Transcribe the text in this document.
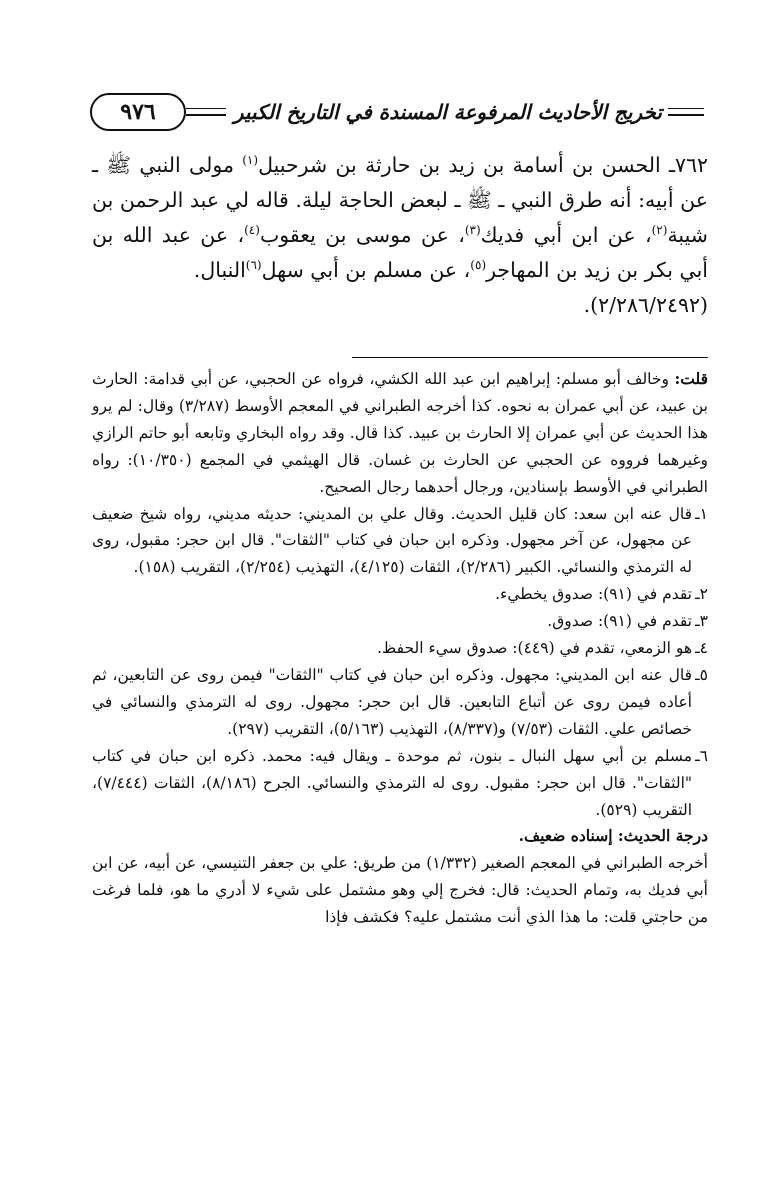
تخريج الأحاديث المرفوعة المسندة في التاريخ الكبير
٩٧٦

٧٦٢ـ الحسن بن أسامة بن زيد بن حارثة بن شرحبيل$^{(١)}$ مولى النبي ﷺ ـ عن أبيه: أنه طرق النبي ـ ﷺ ـ لبعض الحاجة ليلة. قاله لي عبد الرحمن بن شيبة$^{(٢)}$، عن ابن أبي فديك$^{(٣)}$، عن موسى بن يعقوب$^{(٤)}$، عن عبد الله بن أبي بكر بن زيد بن المهاجر$^{(٥)}$، عن مسلم بن أبي سهل$^{(٦)}$النبال.

(٢/٢٨٦/٢٤٩٢).

قلت: وخالف أبو مسلم: إبراهيم ابن عبد الله الكشي، فرواه عن الحجبي، عن أبي قدامة: الحارث بن عبيد، عن أبي عمران به نحوه. كذا أخرجه الطبراني في المعجم الأوسط (٣/٢٨٧) وقال: لم يرو هذا الحديث عن أبي عمران إلا الحارث بن عبيد. كذا قال. وقد رواه البخاري وتابعه أبو حاتم الرازي وغيرهما فرووه عن الحجبي عن الحارث بن غسان. قال الهيثمي في المجمع (١٠/٣٥٠): رواه الطبراني في الأوسط بإسنادين، ورجال أحدهما رجال الصحيح.

١ـ
قال عنه ابن سعد: كان قليل الحديث. وقال علي بن المديني: حديثه مديني، رواه شيخ ضعيف عن مجهول، عن آخر مجهول. وذكره ابن حبان في كتاب "الثقات". قال ابن حجر: مقبول، روى له الترمذي والنسائي. الكبير (٢/٢٨٦)، الثقات (٤/١٢٥)، التهذيب (٢/٢٥٤)، التقريب (١٥٨).
٢ـ
تقدم في (٩١): صدوق يخطيء.
٣ـ
تقدم في (٩١): صدوق.
٤ـ
هو الزمعي، تقدم في (٤٤٩): صدوق سيء الحفظ.
٥ـ
قال عنه ابن المديني: مجهول. وذكره ابن حبان في كتاب "الثقات" فيمن روى عن التابعين، ثم أعاده فيمن روى عن أتباع التابعين. قال ابن حجر: مجهول. روى له الترمذي والنسائي في خصائص علي. الثقات (٧/٥٣) و(٨/٣٣٧)، التهذيب (٥/١٦٣)، التقريب (٢٩٧).
٦ـ
مسلم بن أبي سهل النبال ـ بنون، ثم موحدة ـ ويقال فيه: محمد. ذكره ابن حبان في كتاب "الثقات". قال ابن حجر: مقبول. روى له الترمذي والنسائي. الجرح (٨/١٨٦)، الثقات (٧/٤٤٤)، التقريب (٥٢٩).

درجة الحديث: إسناده ضعيف.

أخرجه الطبراني في المعجم الصغير (١/٣٣٢) من طريق: علي بن جعفر التنيسي، عن أبيه، عن ابن أبي فديك به، وتمام الحديث: قال: فخرج إلي وهو مشتمل على شيء لا أدري ما هو، فلما فرغت من حاجتي قلت: ما هذا الذي أنت مشتمل عليه؟ فكشف فإذا
